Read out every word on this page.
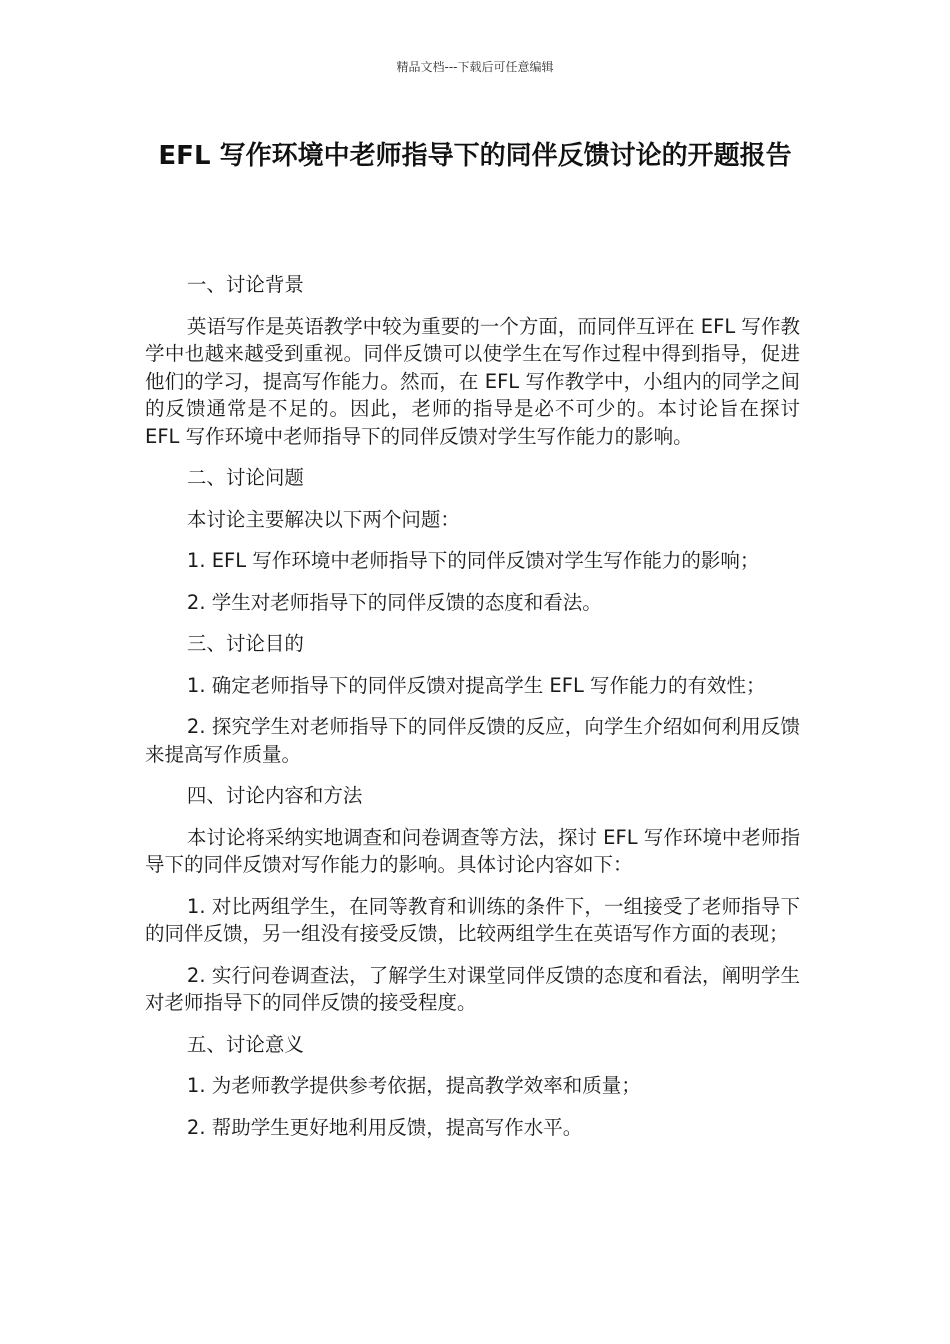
精品文档---下载后可任意编辑
EFL 写作环境中老师指导下的同伴反馈讨论的开题报告

一、讨论背景

英语写作是英语教学中较为重要的一个方面，而同伴互评在 EFL 写作教学中也越来越受到重视。同伴反馈可以使学生在写作过程中得到指导，促进他们的学习，提高写作能力。然而，在 EFL 写作教学中，小组内的同学之间的反馈通常是不足的。因此，老师的指导是必不可少的。本讨论旨在探讨 EFL 写作环境中老师指导下的同伴反馈对学生写作能力的影响。

二、讨论问题

本讨论主要解决以下两个问题：

1. EFL 写作环境中老师指导下的同伴反馈对学生写作能力的影响；

2. 学生对老师指导下的同伴反馈的态度和看法。

三、讨论目的

1. 确定老师指导下的同伴反馈对提高学生 EFL 写作能力的有效性；

2. 探究学生对老师指导下的同伴反馈的反应，向学生介绍如何利用反馈来提高写作质量。

四、讨论内容和方法

本讨论将采纳实地调查和问卷调查等方法，探讨 EFL 写作环境中老师指导下的同伴反馈对写作能力的影响。具体讨论内容如下：

1. 对比两组学生，在同等教育和训练的条件下，一组接受了老师指导下的同伴反馈，另一组没有接受反馈，比较两组学生在英语写作方面的表现；

2. 实行问卷调查法，了解学生对课堂同伴反馈的态度和看法，阐明学生对老师指导下的同伴反馈的接受程度。

五、讨论意义

1. 为老师教学提供参考依据，提高教学效率和质量；

2. 帮助学生更好地利用反馈，提高写作水平。
